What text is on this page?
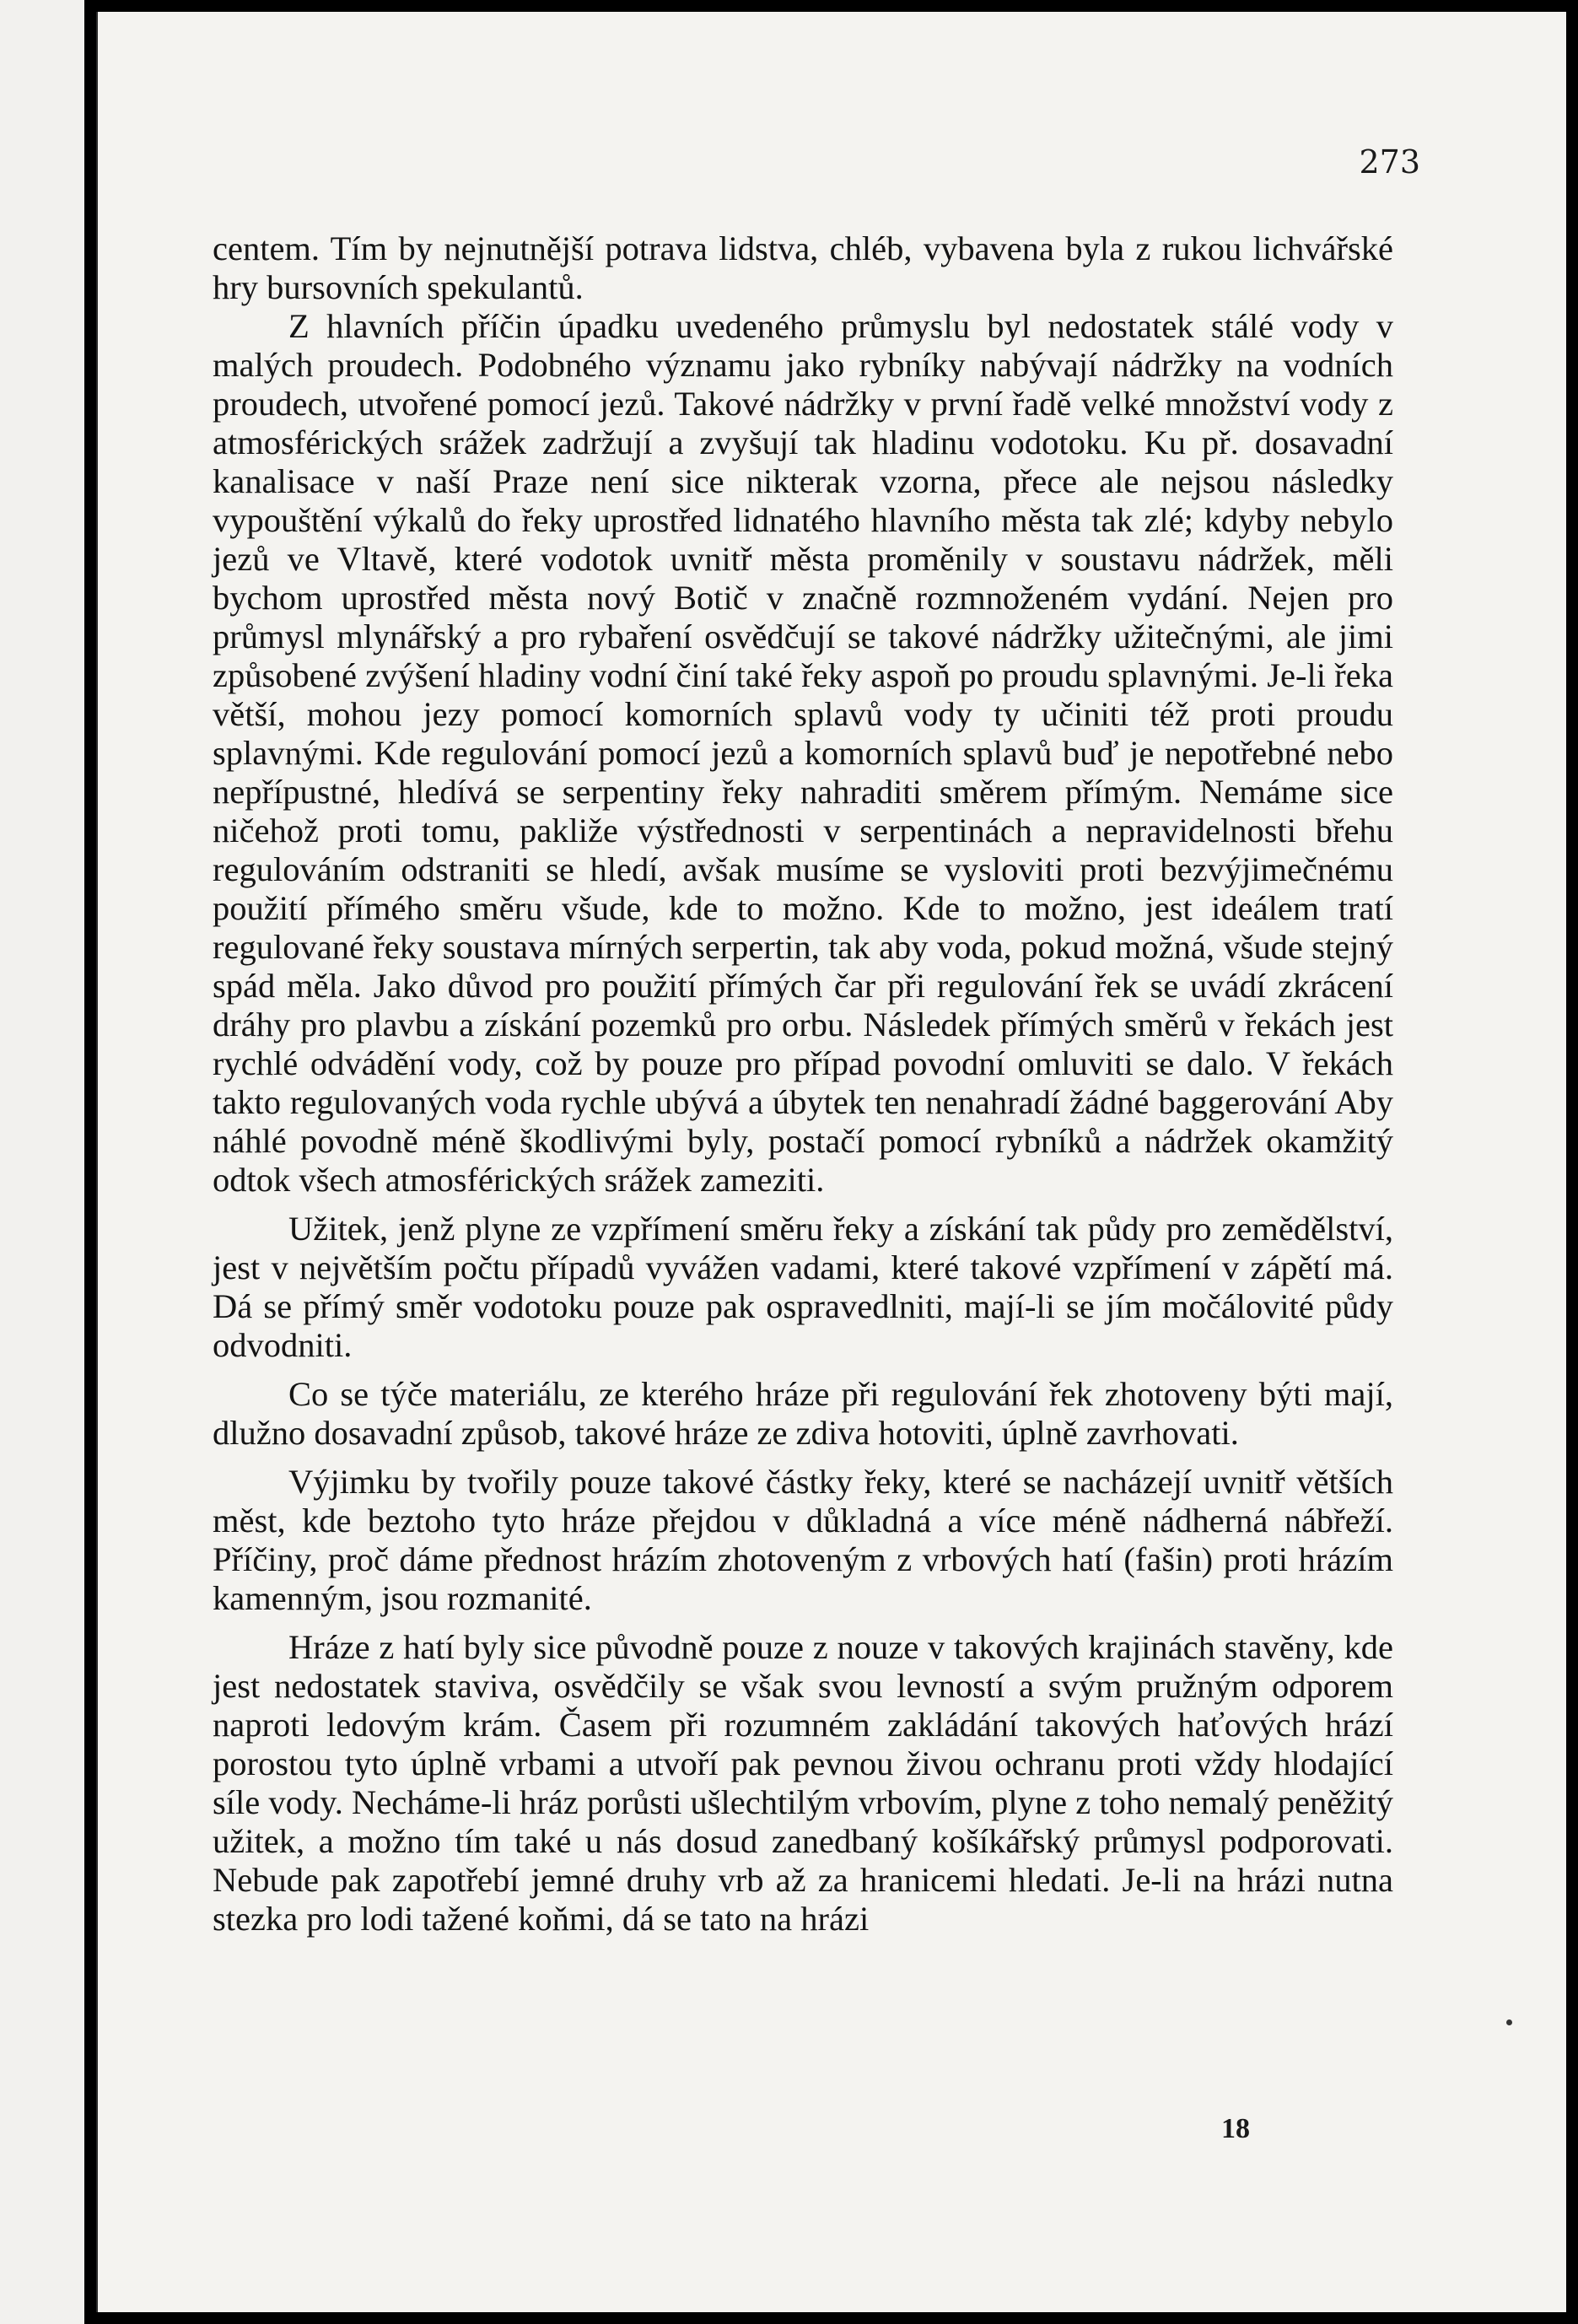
273

centem. Tím by nejnutnější potrava lidstva, chléb, vybavena byla z rukou lichvářské hry bursovních spekulantů.

Z hlavních příčin úpadku uvedeného průmyslu byl nedostatek stálé vody v malých proudech. Podobného významu jako rybníky nabývají nádržky na vodních proudech, utvořené pomocí jezů. Takové nádržky v první řadě velké množství vody z atmosférických srážek zadržují a zvyšují tak hladinu vodotoku. Ku př. dosavadní kanalisace v naší Praze není sice nikterak vzorna, přece ale nejsou následky vypouštění výkalů do řeky uprostřed lidnatého hlavního města tak zlé; kdyby nebylo jezů ve Vltavě, které vodotok uvnitř města proměnily v soustavu nádržek, měli bychom uprostřed města nový Botič v značně rozmnoženém vydání. Nejen pro průmysl mlynářský a pro rybaření osvědčují se takové nádržky užitečnými, ale jimi způsobené zvýšení hladiny vodní činí také řeky aspoň po proudu splavnými. Je-li řeka větší, mohou jezy pomocí komorních splavů vody ty učiniti též proti proudu splavnými. Kde regulování pomocí jezů a komorních splavů buď je nepotřebné nebo nepřípustné, hledívá se serpentiny řeky nahraditi směrem přímým. Nemáme sice ničehož proti tomu, pakliže výstřednosti v serpentinách a nepravidelnosti břehu regulováním odstraniti se hledí, avšak musíme se vysloviti proti bezvýjimečnému použití přímého směru všude, kde to možno. Kde to možno, jest ideálem tratí regulované řeky soustava mírných serpertin, tak aby voda, pokud možná, všude stejný spád měla. Jako důvod pro použití přímých čar při regulování řek se uvádí zkrácení dráhy pro plavbu a získání pozemků pro orbu. Následek přímých směrů v řekách jest rychlé odvádění vody, což by pouze pro případ povodní omluviti se dalo. V řekách takto regulovaných voda rychle ubývá a úbytek ten nenahradí žádné baggerování Aby náhlé povodně méně škodlivými byly, postačí pomocí rybníků a nádržek okamžitý odtok všech atmosférických srážek zameziti.

Užitek, jenž plyne ze vzpřímení směru řeky a získání tak půdy pro zemědělství, jest v největším počtu případů vyvážen vadami, které takové vzpřímení v zápětí má. Dá se přímý směr vodotoku pouze pak ospravedlniti, mají-li se jím močálovité půdy odvodniti.

Co se týče materiálu, ze kterého hráze při regulování řek zhotoveny býti mají, dlužno dosavadní způsob, takové hráze ze zdiva hotoviti, úplně zavrhovati.

Výjimku by tvořily pouze takové částky řeky, které se nacházejí uvnitř větších měst, kde beztoho tyto hráze přejdou v důkladná a více méně nádherná nábřeží. Příčiny, proč dáme přednost hrázím zhotoveným z vrbových hatí (fašin) proti hrázím kamenným, jsou rozmanité.

Hráze z hatí byly sice původně pouze z nouze v takových krajinách stavěny, kde jest nedostatek staviva, osvědčily se však svou levností a svým pružným odporem naproti ledovým krám. Časem při rozumném zakládání takových haťových hrází porostou tyto úplně vrbami a utvoří pak pevnou živou ochranu proti vždy hlodající síle vody. Necháme-li hráz porůsti ušlechtilým vrbovím, plyne z toho nemalý peněžitý užitek, a možno tím také u nás dosud zanedbaný košíkářský průmysl podporovati. Nebude pak zapotřebí jemné druhy vrb až za hranicemi hledati. Je-li na hrázi nutna stezka pro lodi tažené koňmi, dá se tato na hrázi

18
